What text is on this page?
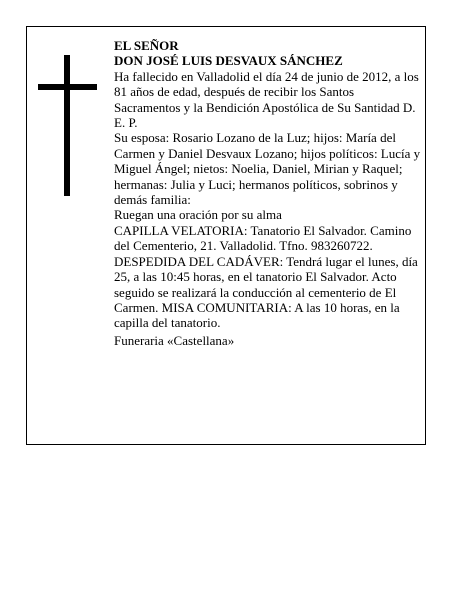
EL SEÑOR

DON JOSÉ LUIS DESVAUX SÁNCHEZ

Ha fallecido en Valladolid el día 24 de junio de 2012, a los 81 años de edad, después de recibir los Santos Sacramentos y la Bendición Apostólica de Su Santidad D. E. P.

Su esposa: Rosario Lozano de la Luz; hijos: María del Carmen y Daniel Desvaux Lozano; hijos políticos: Lucía y Miguel Ángel; nietos: Noelia, Daniel, Mirian y Raquel; hermanas: Julia y Luci; hermanos políticos, sobrinos y demás familia:

Ruegan una oración por su alma

CAPILLA VELATORIA: Tanatorio El Salvador. Camino del Cementerio, 21. Valladolid. Tfno. 983260722.

DESPEDIDA DEL CADÁVER: Tendrá lugar el lunes, día 25, a las 10:45 horas, en el tanatorio El Salvador. Acto seguido se realizará la conducción al cementerio de El Carmen. MISA COMUNITARIA: A las 10 horas, en la capilla del tanatorio.

Funeraria «Castellana»
